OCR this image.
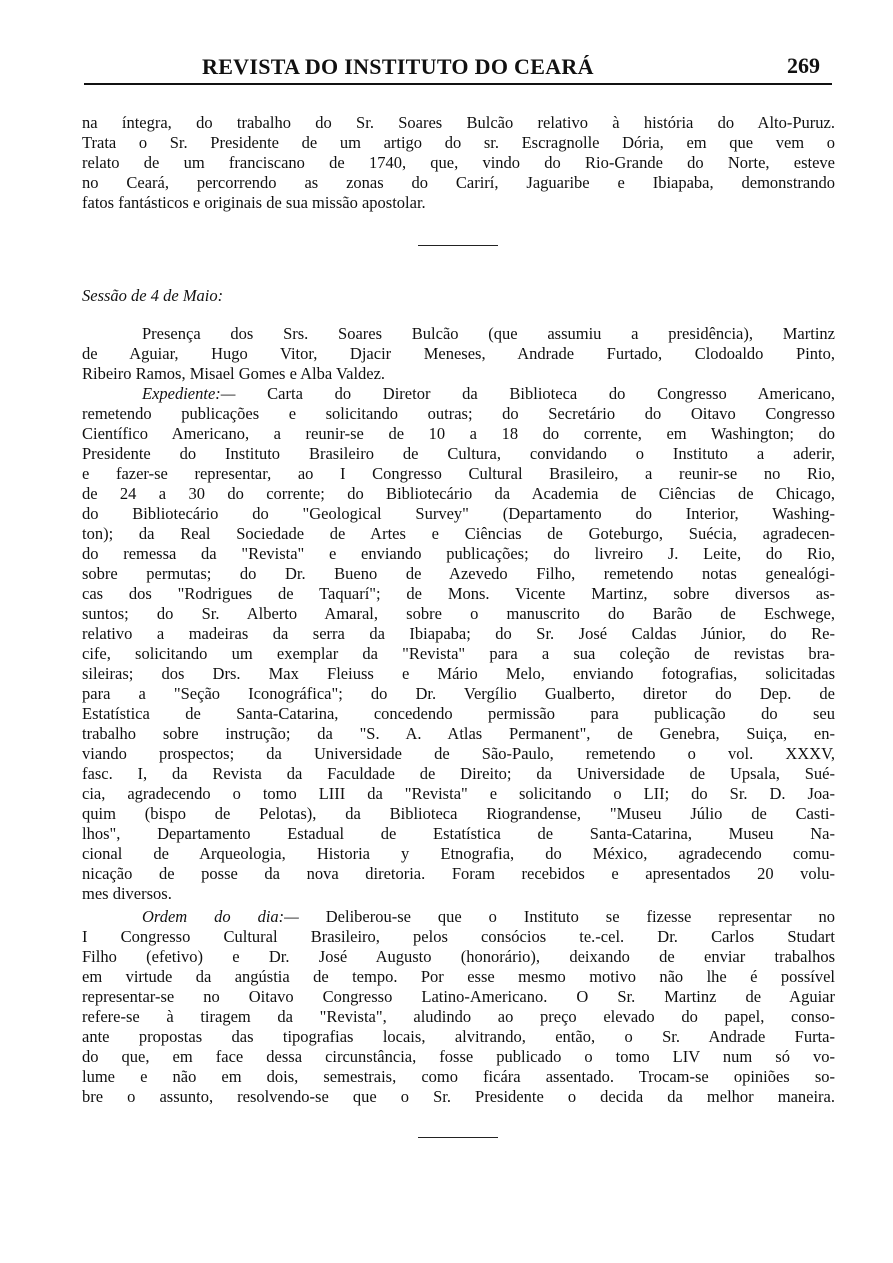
REVISTA DO INSTITUTO DO CEARÁ	269
na íntegra, do trabalho do Sr. Soares Bulcão relativo à história do Alto-Puruz.
Trata o Sr. Presidente de um artigo do sr. Escragnolle Dória, em que vem o
relato de um franciscano de 1740, que, vindo do Rio-Grande do Norte, esteve
no Ceará, percorrendo as zonas do Carirí, Jaguaribe e Ibiapaba, demonstrando
fatos fantásticos e originais de sua missão apostolar.
Sessão de 4 de Maio:
Presença dos Srs. Soares Bulcão (que assumiu a presidência), Martinz
de Aguiar, Hugo Vitor, Djacir Meneses, Andrade Furtado, Clodoaldo Pinto,
Ribeiro Ramos, Misael Gomes e Alba Valdez.
Expediente:— Carta do Diretor da Biblioteca do Congresso Americano,
remetendo publicações e solicitando outras; do Secretário do Oitavo Congresso
Científico Americano, a reunir-se de 10 a 18 do corrente, em Washington; do
Presidente do Instituto Brasileiro de Cultura, convidando o Instituto a aderir,
e fazer-se representar, ao I Congresso Cultural Brasileiro, a reunir-se no Rio,
de 24 a 30 do corrente; do Bibliotecário da Academia de Ciências de Chicago,
do Bibliotecário do "Geological Survey" (Departamento do Interior, Washing-
ton); da Real Sociedade de Artes e Ciências de Goteburgo, Suécia, agradecen-
do remessa da "Revista" e enviando publicações; do livreiro J. Leite, do Rio,
sobre permutas; do Dr. Bueno de Azevedo Filho, remetendo notas genealógi-
cas dos "Rodrigues de Taquarí"; de Mons. Vicente Martinz, sobre diversos as-
suntos; do Sr. Alberto Amaral, sobre o manuscrito do Barão de Eschwege,
relativo a madeiras da serra da Ibiapaba; do Sr. José Caldas Júnior, do Re-
cife, solicitando um exemplar da "Revista" para a sua coleção de revistas bra-
sileiras; dos Drs. Max Fleiuss e Mário Melo, enviando fotografias, solicitadas
para a "Seção Iconográfica"; do Dr. Vergílio Gualberto, diretor do Dep. de
Estatística de Santa-Catarina, concedendo permissão para publicação do seu
trabalho sobre instrução; da "S. A. Atlas Permanent", de Genebra, Suiça, en-
viando prospectos; da Universidade de São-Paulo, remetendo o vol. XXXV,
fasc. I, da Revista da Faculdade de Direito; da Universidade de Upsala, Sué-
cia, agradecendo o tomo LIII da "Revista" e solicitando o LII; do Sr. D. Joa-
quim (bispo de Pelotas), da Biblioteca Riograndense, "Museu Júlio de Casti-
lhos", Departamento Estadual de Estatística de Santa-Catarina, Museu Na-
cional de Arqueologia, Historia y Etnografia, do México, agradecendo comu-
nicação de posse da nova diretoria. Foram recebidos e apresentados 20 volu-
mes diversos.
Ordem do dia:— Deliberou-se que o Instituto se fizesse representar no
I Congresso Cultural Brasileiro, pelos consócios te.-cel. Dr. Carlos Studart
Filho (efetivo) e Dr. José Augusto (honorário), deixando de enviar trabalhos
em virtude da angústia de tempo. Por esse mesmo motivo não lhe é possível
representar-se no Oitavo Congresso Latino-Americano. O Sr. Martinz de Aguiar
refere-se à tiragem da "Revista", aludindo ao preço elevado do papel, conso-
ante propostas das tipografias locais, alvitrando, então, o Sr. Andrade Furta-
do que, em face dessa circunstância, fosse publicado o tomo LIV num só vo-
lume e não em dois, semestrais, como ficára assentado. Trocam-se opiniões so-
bre o assunto, resolvendo-se que o Sr. Presidente o decida da melhor maneira.
